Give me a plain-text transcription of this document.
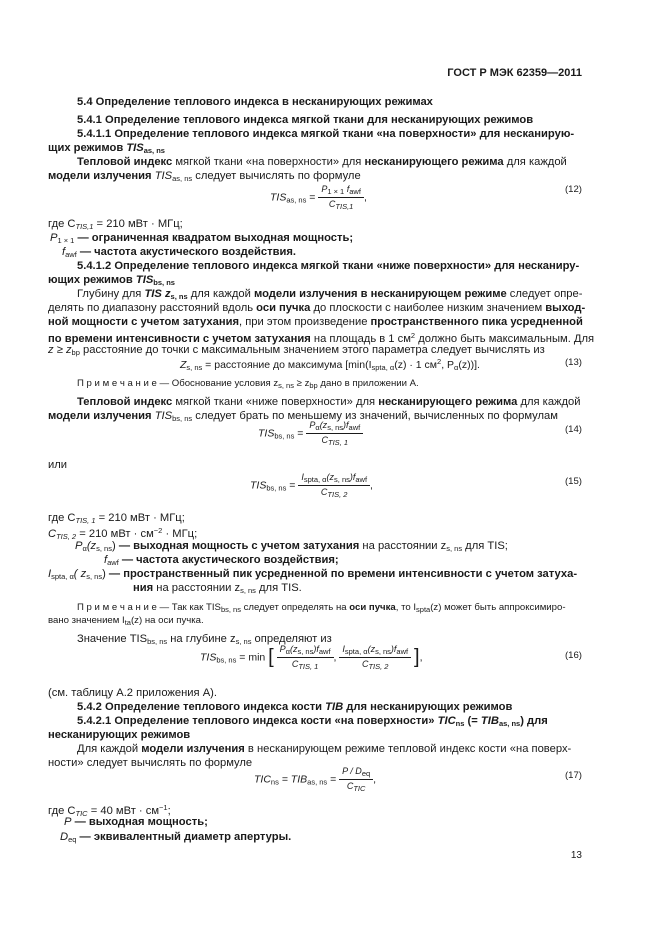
ГОСТ Р МЭК 62359—2011
5.4 Определение теплового индекса в несканирующих режимах
5.4.1 Определение теплового индекса мягкой ткани для несканирующих режимов
5.4.1.1 Определение теплового индекса мягкой ткани «на поверхности» для несканирую-
щих режимов $TIS_{as, ns}$
Тепловой индекс мягкой ткани «на поверхности» для несканирующего режима для каждой
модели излучения $TIS_{as, ns}$ следует вычислять по формуле
$TIS_{as, ns} = \frac{P_{1 \times 1} f_{awf}}{C_{TIS,1}}$ ,
(12)
где $C_{TIS,1} = 210$ мВт · МГц;
$P_{1 \times 1}$ — ограниченная квадратом выходная мощность;
$f_{awf}$ — частота акустического воздействия.
5.4.1.2 Определение теплового индекса мягкой ткани «ниже поверхности» для несканиру-
ющих режимов $TIS_{bs, ns}$
Глубину для TIS $z_{s, ns}$ для каждой модели излучения в несканирующем режиме следует опре-
делять по диапазону расстояний вдоль оси пучка до плоскости с наиболее низким значением выход-
ной мощности с учетом затухания, при этом произведение пространственного пика усредненной
по времени интенсивности с учетом затухания на площадь в 1 $см^2$ должно быть максимальным. Для
$z \ge z_{bp}$ расстояние до точки с максимальным значением этого параметра следует вычислять из
$Z_{s, ns}$ = расстояние до максимума [$\min(I_{spta, \alpha}(z) \cdot 1$ $см^2$, $P_\alpha(z)$)].	(13)
П р и м е ч а н и е — Обоснование условия $z_{s, ns} \ge z_{bp}$ дано в приложении А.
Тепловой индекс мягкой ткани «ниже поверхности» для несканирующего режима для каждой
модели излучения $TIS_{bs, ns}$ следует брать по меньшему из значений, вычисленных по формулам
$TIS_{bs, ns} = \frac{P_\alpha(z_{s, ns})f_{awf}}{C_{TIS, 1}}$	(14)
или
$TIS_{bs, ns} = \frac{I_{spta, \alpha}(z_{s, ns})f_{awf}}{C_{TIS, 2}}$ ,	(15)
где $C_{TIS, 1} = 210$ мВт · МГц;
$C_{TIS, 2} = 210$ мВт · $см^{-2}$ · МГц;
$P_\alpha(z_{s, ns})$ — выходная мощность с учетом затухания на расстоянии $z_{s, ns}$ для TIS;
$f_{awf}$ — частота акустического воздействия;
$I_{spta, \alpha}$( $z_{s, ns}$) — пространственный пик усредненной по времени интенсивности с учетом затуха-
ния на расстоянии $z_{s, ns}$ для TIS.
П р и м е ч а н и е — Так как $TIS_{bs, ns}$ следует определять на оси пучка, то $I_{spta}(z)$ может быть аппроксимиро-
вано значением $I_{ta}(z)$ на оси пучка.
Значение $TIS_{bs, ns}$ на глубине $z_{s, ns}$ определяют из
$TIS_{bs, ns} = \min$ [ $\frac{P_\alpha(z_{s, ns})f_{awf}}{C_{TIS, 1}}$ , $\frac{I_{spta, \alpha}(z_{s, ns})f_{awf}}{C_{TIS, 2}}$ ],	(16)
(см. таблицу А.2 приложения А).
5.4.2 Определение теплового индекса кости TIB для несканирующих режимов
5.4.2.1 Определение теплового индекса кости «на поверхности» $TIC_{ns}$ (= $TIB_{as, ns}$) для
несканирующих режимов
Для каждой модели излучения в несканирующем режиме тепловой индекс кости «на поверх-
ности» следует вычислять по формуле
$TIC_{ns} = TIB_{as, ns} = \frac{P / D_{eq}}{C_{TIC}}$ ,	(17)
где $C_{TIC} = 40$ мВт · $см^{-1}$;
P — выходная мощность;
$D_{eq}$ — эквивалентный диаметр апертуры.
13
